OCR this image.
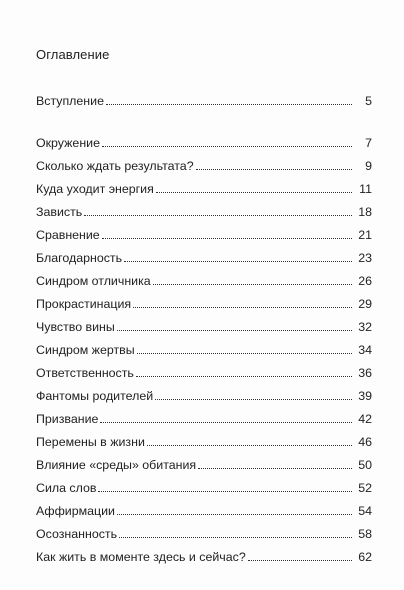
Оглавление
Вступление	5
Окружение	7
Сколько ждать результата?	9
Куда уходит энергия	11
Зависть	18
Сравнение	21
Благодарность	23
Синдром отличника	26
Прокрастинация	29
Чувство вины	32
Синдром жертвы	34
Ответственность	36
Фантомы родителей	39
Призвание	42
Перемены в жизни	46
Влияние «среды» обитания	50
Сила слов	52
Аффирмации	54
Осознанность	58
Как жить в моменте здесь и сейчас?	62
